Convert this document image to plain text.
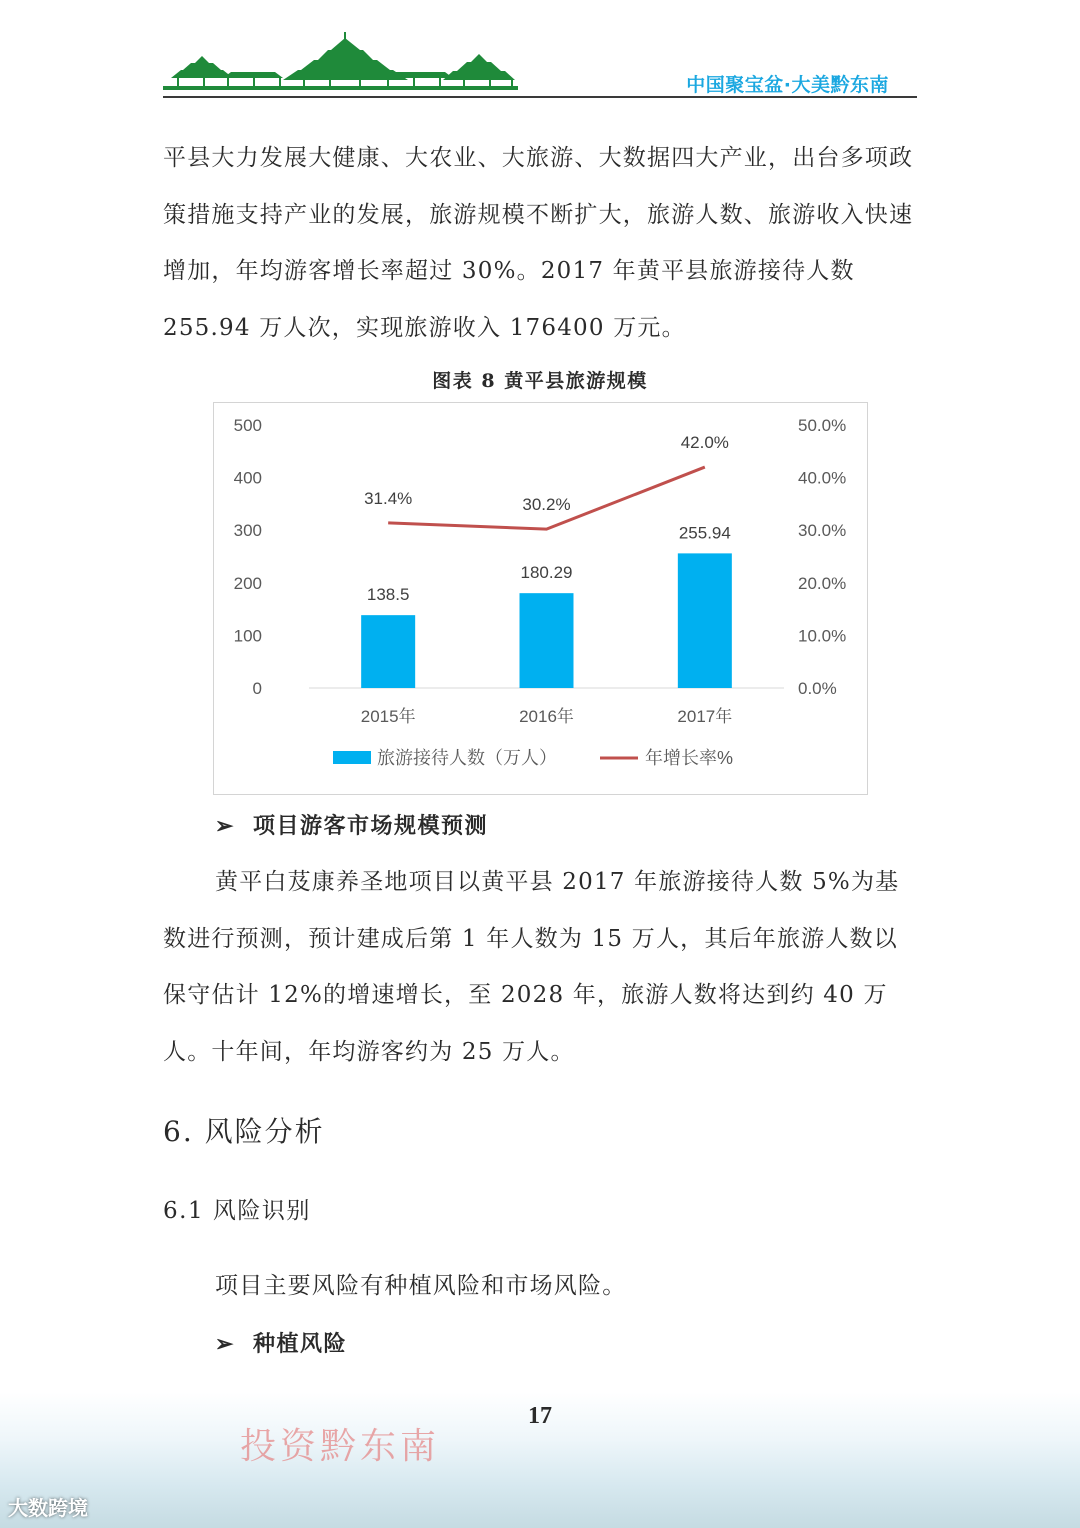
中国聚宝盆·大美黔东南

平县大力发展大健康、大农业、大旅游、大数据四大产业，出台多项政策措施支持产业的发展，旅游规模不断扩大，旅游人数、旅游收入快速增加，年均游客增长率超过 30%。2017 年黄平县旅游接待人数 255.94 万人次，实现旅游收入 176400 万元。

图表 8 黄平县旅游规模
0
100
200
300
400
500
0.0%
10.0%
20.0%
30.0%
40.0%
50.0%
2015年	2016年	2017年
138.5
180.29
255.94
31.4%	30.2%
42.0%
旅游接待人数（万人）	年增长率%
➢ 项目游客市场规模预测

黄平白芨康养圣地项目以黄平县 2017 年旅游接待人数 5%为基数进行预测，预计建成后第 1 年人数为 15 万人，其后年旅游人数以保守估计 12%的增速增长，至 2028 年，旅游人数将达到约 40 万人。十年间，年均游客约为 25 万人。

6. 风险分析
6.1 风险识别

项目主要风险有种植风险和市场风险。

➢ 种植风险
17
投资黔东南
大数跨境
